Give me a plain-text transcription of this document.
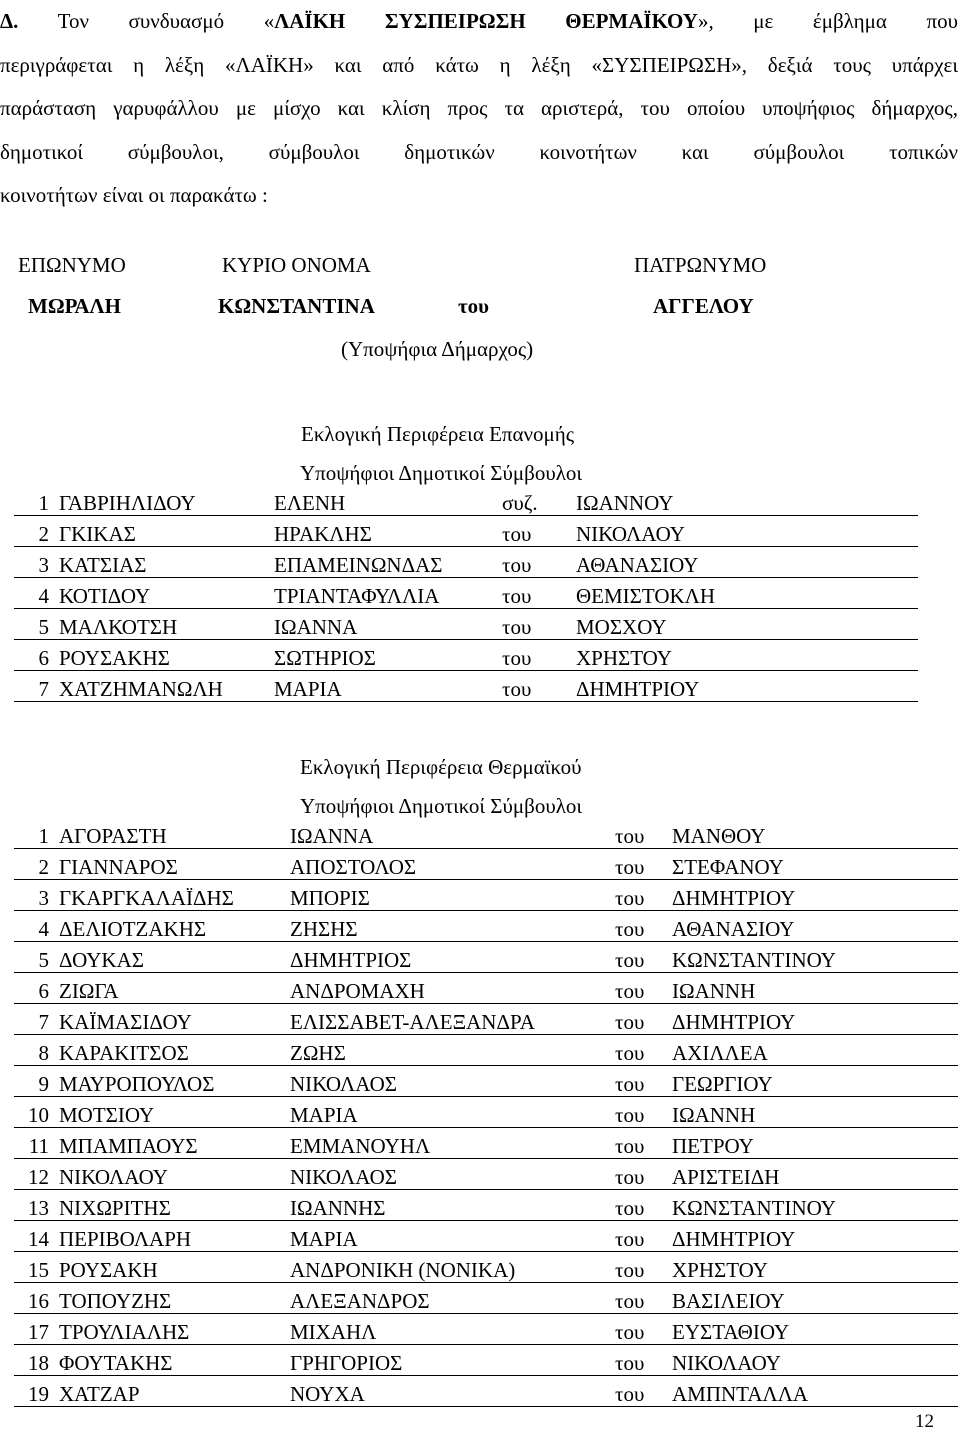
Δ. Τον συνδυασμό «ΛΑΪΚΗ ΣΥΣΠΕΙΡΩΣΗ ΘΕΡΜΑΪΚΟΥ», με έμβλημα που
περιγράφεται η λέξη «ΛΑΪΚΗ» και από κάτω η λέξη «ΣΥΣΠΕΙΡΩΣΗ», δεξιά τους υπάρχει
παράσταση γαρυφάλλου με μίσχο και κλίση προς τα αριστερά, του οποίου υποψήφιος δήμαρχος,
δημοτικοί σύμβουλοι, σύμβουλοι δημοτικών κοινοτήτων και σύμβουλοι τοπικών
κοινοτήτων είναι οι παρακάτω :
ΕΠΩΝΥΜΟ	ΚΥΡΙΟ ΟΝΟΜΑ	ΠΑΤΡΩΝΥΜΟ
ΜΩΡΑΛΗ	ΚΩΝΣΤΑΝΤΙΝΑ	του	ΑΓΓΕΛΟΥ
(Υποψήφια Δήμαρχος)
Εκλογική Περιφέρεια Επανομής
Υποψήφιοι Δημοτικοί Σύμβουλοι
1	ΓΑΒΡΙΗΛΙΔΟΥ	ΕΛΕΝΗ	συζ.	ΙΩΑΝΝΟΥ
2	ΓΚΙΚΑΣ	ΗΡΑΚΛΗΣ	του	ΝΙΚΟΛΑΟΥ
3	ΚΑΤΣΙΑΣ	ΕΠΑΜΕΙΝΩΝΔΑΣ	του	ΑΘΑΝΑΣΙΟΥ
4	ΚΟΤΙΔΟΥ	ΤΡΙΑΝΤΑΦΥΛΛΙΑ	του	ΘΕΜΙΣΤΟΚΛΗ
5	ΜΑΛΚΟΤΣΗ	ΙΩΑΝΝΑ	του	ΜΟΣΧΟΥ
6	ΡΟΥΣΑΚΗΣ	ΣΩΤΗΡΙΟΣ	του	ΧΡΗΣΤΟΥ
7	ΧΑΤΖΗΜΑΝΩΛΗ	ΜΑΡΙΑ	του	ΔΗΜΗΤΡΙΟΥ
Εκλογική Περιφέρεια Θερμαϊκού
Υποψήφιοι Δημοτικοί Σύμβουλοι
1	ΑΓΟΡΑΣΤΗ	ΙΩΑΝΝΑ	του	ΜΑΝΘΟΥ
2	ΓΙΑΝΝΑΡΟΣ	ΑΠΟΣΤΟΛΟΣ	του	ΣΤΕΦΑΝΟΥ
3	ΓΚΑΡΓΚΑΛΑΪΔΗΣ	ΜΠΟΡΙΣ	του	ΔΗΜΗΤΡΙΟΥ
4	ΔΕΛΙΟΤΖΑΚΗΣ	ΖΗΣΗΣ	του	ΑΘΑΝΑΣΙΟΥ
5	ΔΟΥΚΑΣ	ΔΗΜΗΤΡΙΟΣ	του	ΚΩΝΣΤΑΝΤΙΝΟΥ
6	ΖΙΩΓΑ	ΑΝΔΡΟΜΑΧΗ	του	ΙΩΑΝΝΗ
7	ΚΑΪΜΑΣΙΔΟΥ	ΕΛΙΣΣΑΒΕΤ-ΑΛΕΞΑΝΔΡΑ	του	ΔΗΜΗΤΡΙΟΥ
8	ΚΑΡΑΚΙΤΣΟΣ	ΖΩΗΣ	του	ΑΧΙΛΛΕΑ
9	ΜΑΥΡΟΠΟΥΛΟΣ	ΝΙΚΟΛΑΟΣ	του	ΓΕΩΡΓΙΟΥ
10	ΜΟΤΣΙΟΥ	ΜΑΡΙΑ	του	ΙΩΑΝΝΗ
11	ΜΠΑΜΠΑΟΥΣ	ΕΜΜΑΝΟΥΗΛ	του	ΠΕΤΡΟΥ
12	ΝΙΚΟΛΑΟΥ	ΝΙΚΟΛΑΟΣ	του	ΑΡΙΣΤΕΙΔΗ
13	ΝΙΧΩΡΙΤΗΣ	ΙΩΑΝΝΗΣ	του	ΚΩΝΣΤΑΝΤΙΝΟΥ
14	ΠΕΡΙΒΟΛΑΡΗ	ΜΑΡΙΑ	του	ΔΗΜΗΤΡΙΟΥ
15	ΡΟΥΣΑΚΗ	ΑΝΔΡΟΝΙΚΗ (ΝΟΝΙΚΑ)	του	ΧΡΗΣΤΟΥ
16	ΤΟΠΟΥΖΗΣ	ΑΛΕΞΑΝΔΡΟΣ	του	ΒΑΣΙΛΕΙΟΥ
17	ΤΡΟΥΛΙΑΛΗΣ	ΜΙΧΑΗΛ	του	ΕΥΣΤΑΘΙΟΥ
18	ΦΟΥΤΑΚΗΣ	ΓΡΗΓΟΡΙΟΣ	του	ΝΙΚΟΛΑΟΥ
19	ΧΑΤΖΑΡ	ΝΟΥΧΑ	του	ΑΜΠΝΤΑΛΛΑ
12
